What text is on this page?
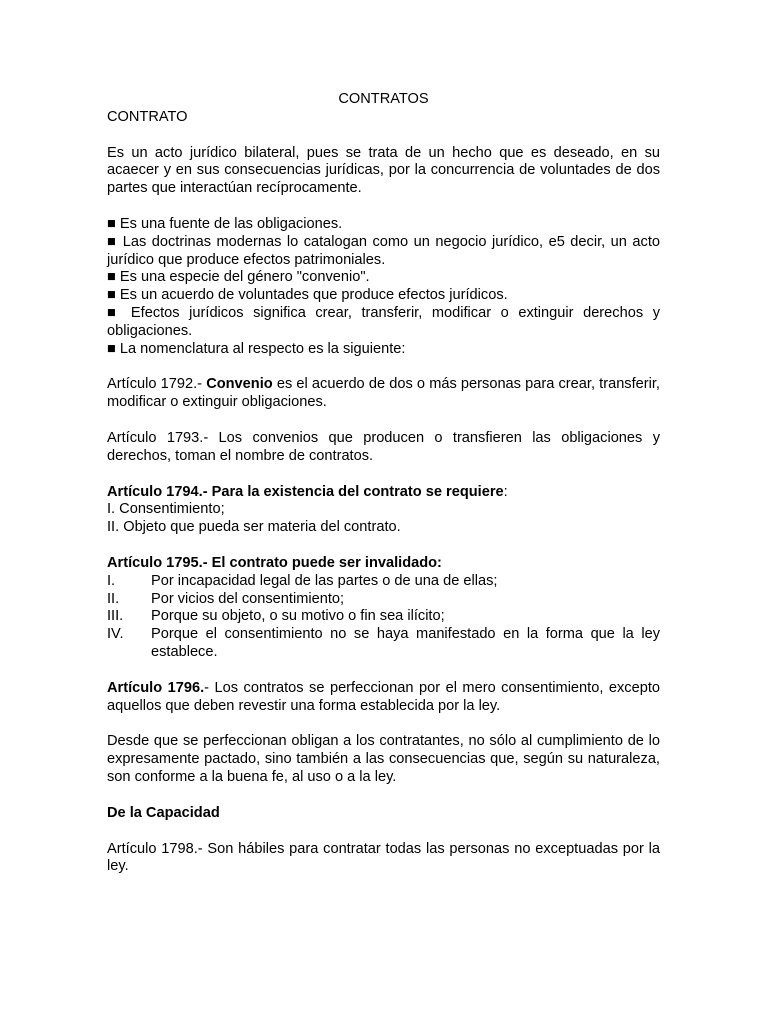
CONTRATOS

CONTRATO

Es un acto jurídico bilateral, pues se trata de un hecho que es deseado, en su acaecer y en sus consecuencias jurídicas, por la concurrencia de voluntades de dos partes que interactúan recíprocamente.

■ Es una fuente de las obligaciones.

■ Las doctrinas modernas lo catalogan como un negocio jurídico, e5 decir, un acto jurídico que produce efectos patrimoniales.

■ Es una especie del género "convenio".

■ Es un acuerdo de voluntades que produce efectos jurídicos.

■ Efectos jurídicos significa crear, transferir, modificar o extinguir derechos y obligaciones.

■ La nomenclatura al respecto es la siguiente:

Artículo 1792.- Convenio es el acuerdo de dos o más personas para crear, transferir, modificar o extinguir obligaciones.

Artículo 1793.- Los convenios que producen o transfieren las obligaciones y derechos, toman el nombre de contratos.

Artículo 1794.- Para la existencia del contrato se requiere:

I. Consentimiento;

II. Objeto que pueda ser materia del contrato.

Artículo 1795.- El contrato puede ser invalidado:

I.	Por incapacidad legal de las partes o de una de ellas;
II.	Por vicios del consentimiento;
III.	Porque su objeto, o su motivo o fin sea ilícito;
IV.	Porque el consentimiento no se haya manifestado en la forma que la ley establece.

Artículo 1796.- Los contratos se perfeccionan por el mero consentimiento, excepto aquellos que deben revestir una forma establecida por la ley.

Desde que se perfeccionan obligan a los contratantes, no sólo al cumplimiento de lo expresamente pactado, sino también a las consecuencias que, según su naturaleza, son conforme a la buena fe, al uso o a la ley.

De la Capacidad

Artículo 1798.- Son hábiles para contratar todas las personas no exceptuadas por la ley.
